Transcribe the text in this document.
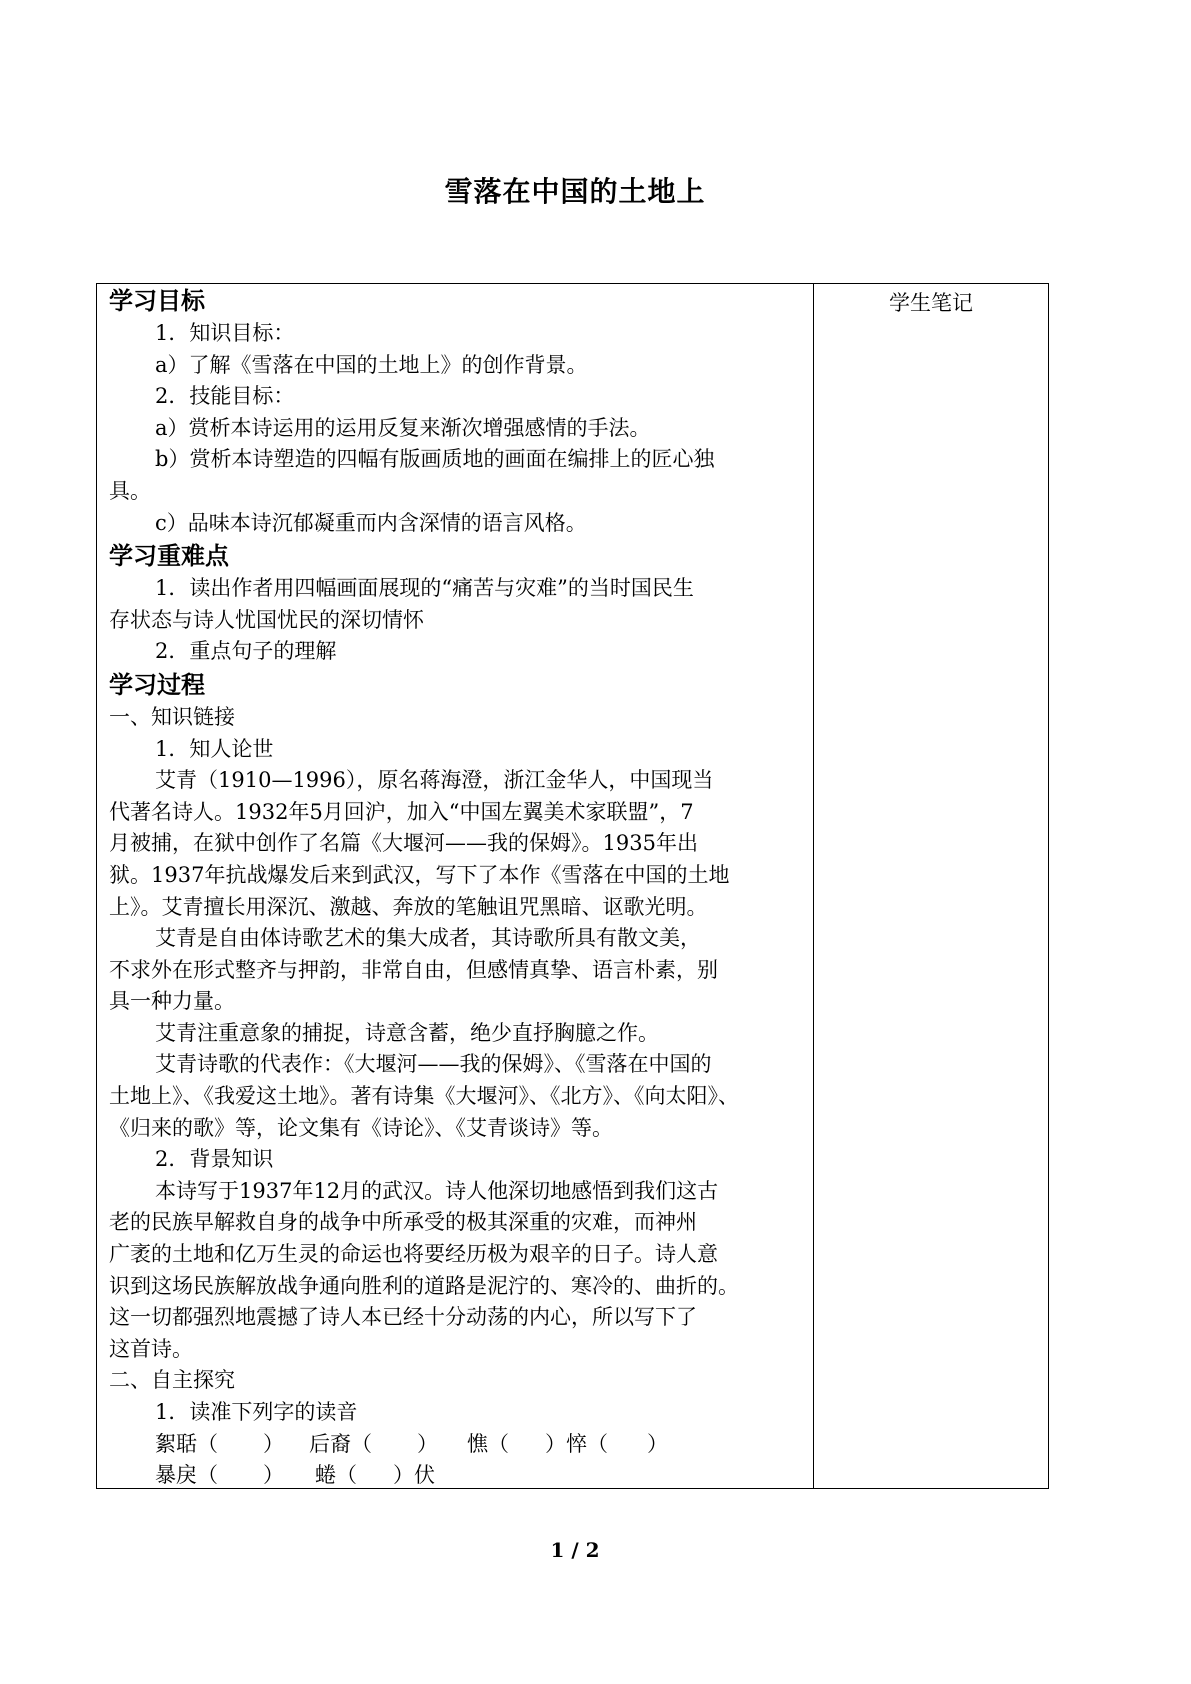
雪落在中国的土地上
学习目标
1．知识目标：
a）了解《雪落在中国的土地上》的创作背景。
2．技能目标：
a）赏析本诗运用的运用反复来渐次增强感情的手法。
b）赏析本诗塑造的四幅有版画质地的画面在编排上的匠心独
具。
c）品味本诗沉郁凝重而内含深情的语言风格。
学习重难点
1．读出作者用四幅画面展现的“痛苦与灾难”的当时国民生
存状态与诗人忧国忧民的深切情怀
2．重点句子的理解
学习过程
一、知识链接
1．知人论世
艾青（1910—1996），原名蒋海澄，浙江金华人，中国现当
代著名诗人。1932年5月回沪，加入“中国左翼美术家联盟”，7
月被捕，在狱中创作了名篇《大堰河——我的保姆》。1935年出
狱。1937年抗战爆发后来到武汉，写下了本作《雪落在中国的土地
上》。艾青擅长用深沉、激越、奔放的笔触诅咒黑暗、讴歌光明。
艾青是自由体诗歌艺术的集大成者，其诗歌所具有散文美，
不求外在形式整齐与押韵，非常自由，但感情真挚、语言朴素，别
具一种力量。
艾青注重意象的捕捉，诗意含蓄，绝少直抒胸臆之作。
艾青诗歌的代表作：《大堰河——我的保姆》、《雪落在中国的
土地上》、《我爱这土地》。著有诗集《大堰河》、《北方》、《向太阳》、
《归来的歌》等，论文集有《诗论》、《艾青谈诗》等。
2．背景知识
本诗写于1937年12月的武汉。诗人他深切地感悟到我们这古
老的民族早解救自身的战争中所承受的极其深重的灾难，而神州
广袤的土地和亿万生灵的命运也将要经历极为艰辛的日子。诗人意
识到这场民族解放战争通向胜利的道路是泥泞的、寒冷的、曲折的。
这一切都强烈地震撼了诗人本已经十分动荡的内心，所以写下了
这首诗。
二、自主探究
1．读准下列字的读音
絮聒（ ） 后裔（ ） 憔（ ）悴（ ）
暴戾（ ） 蜷（ ）伏
学生笔记
1 / 2
